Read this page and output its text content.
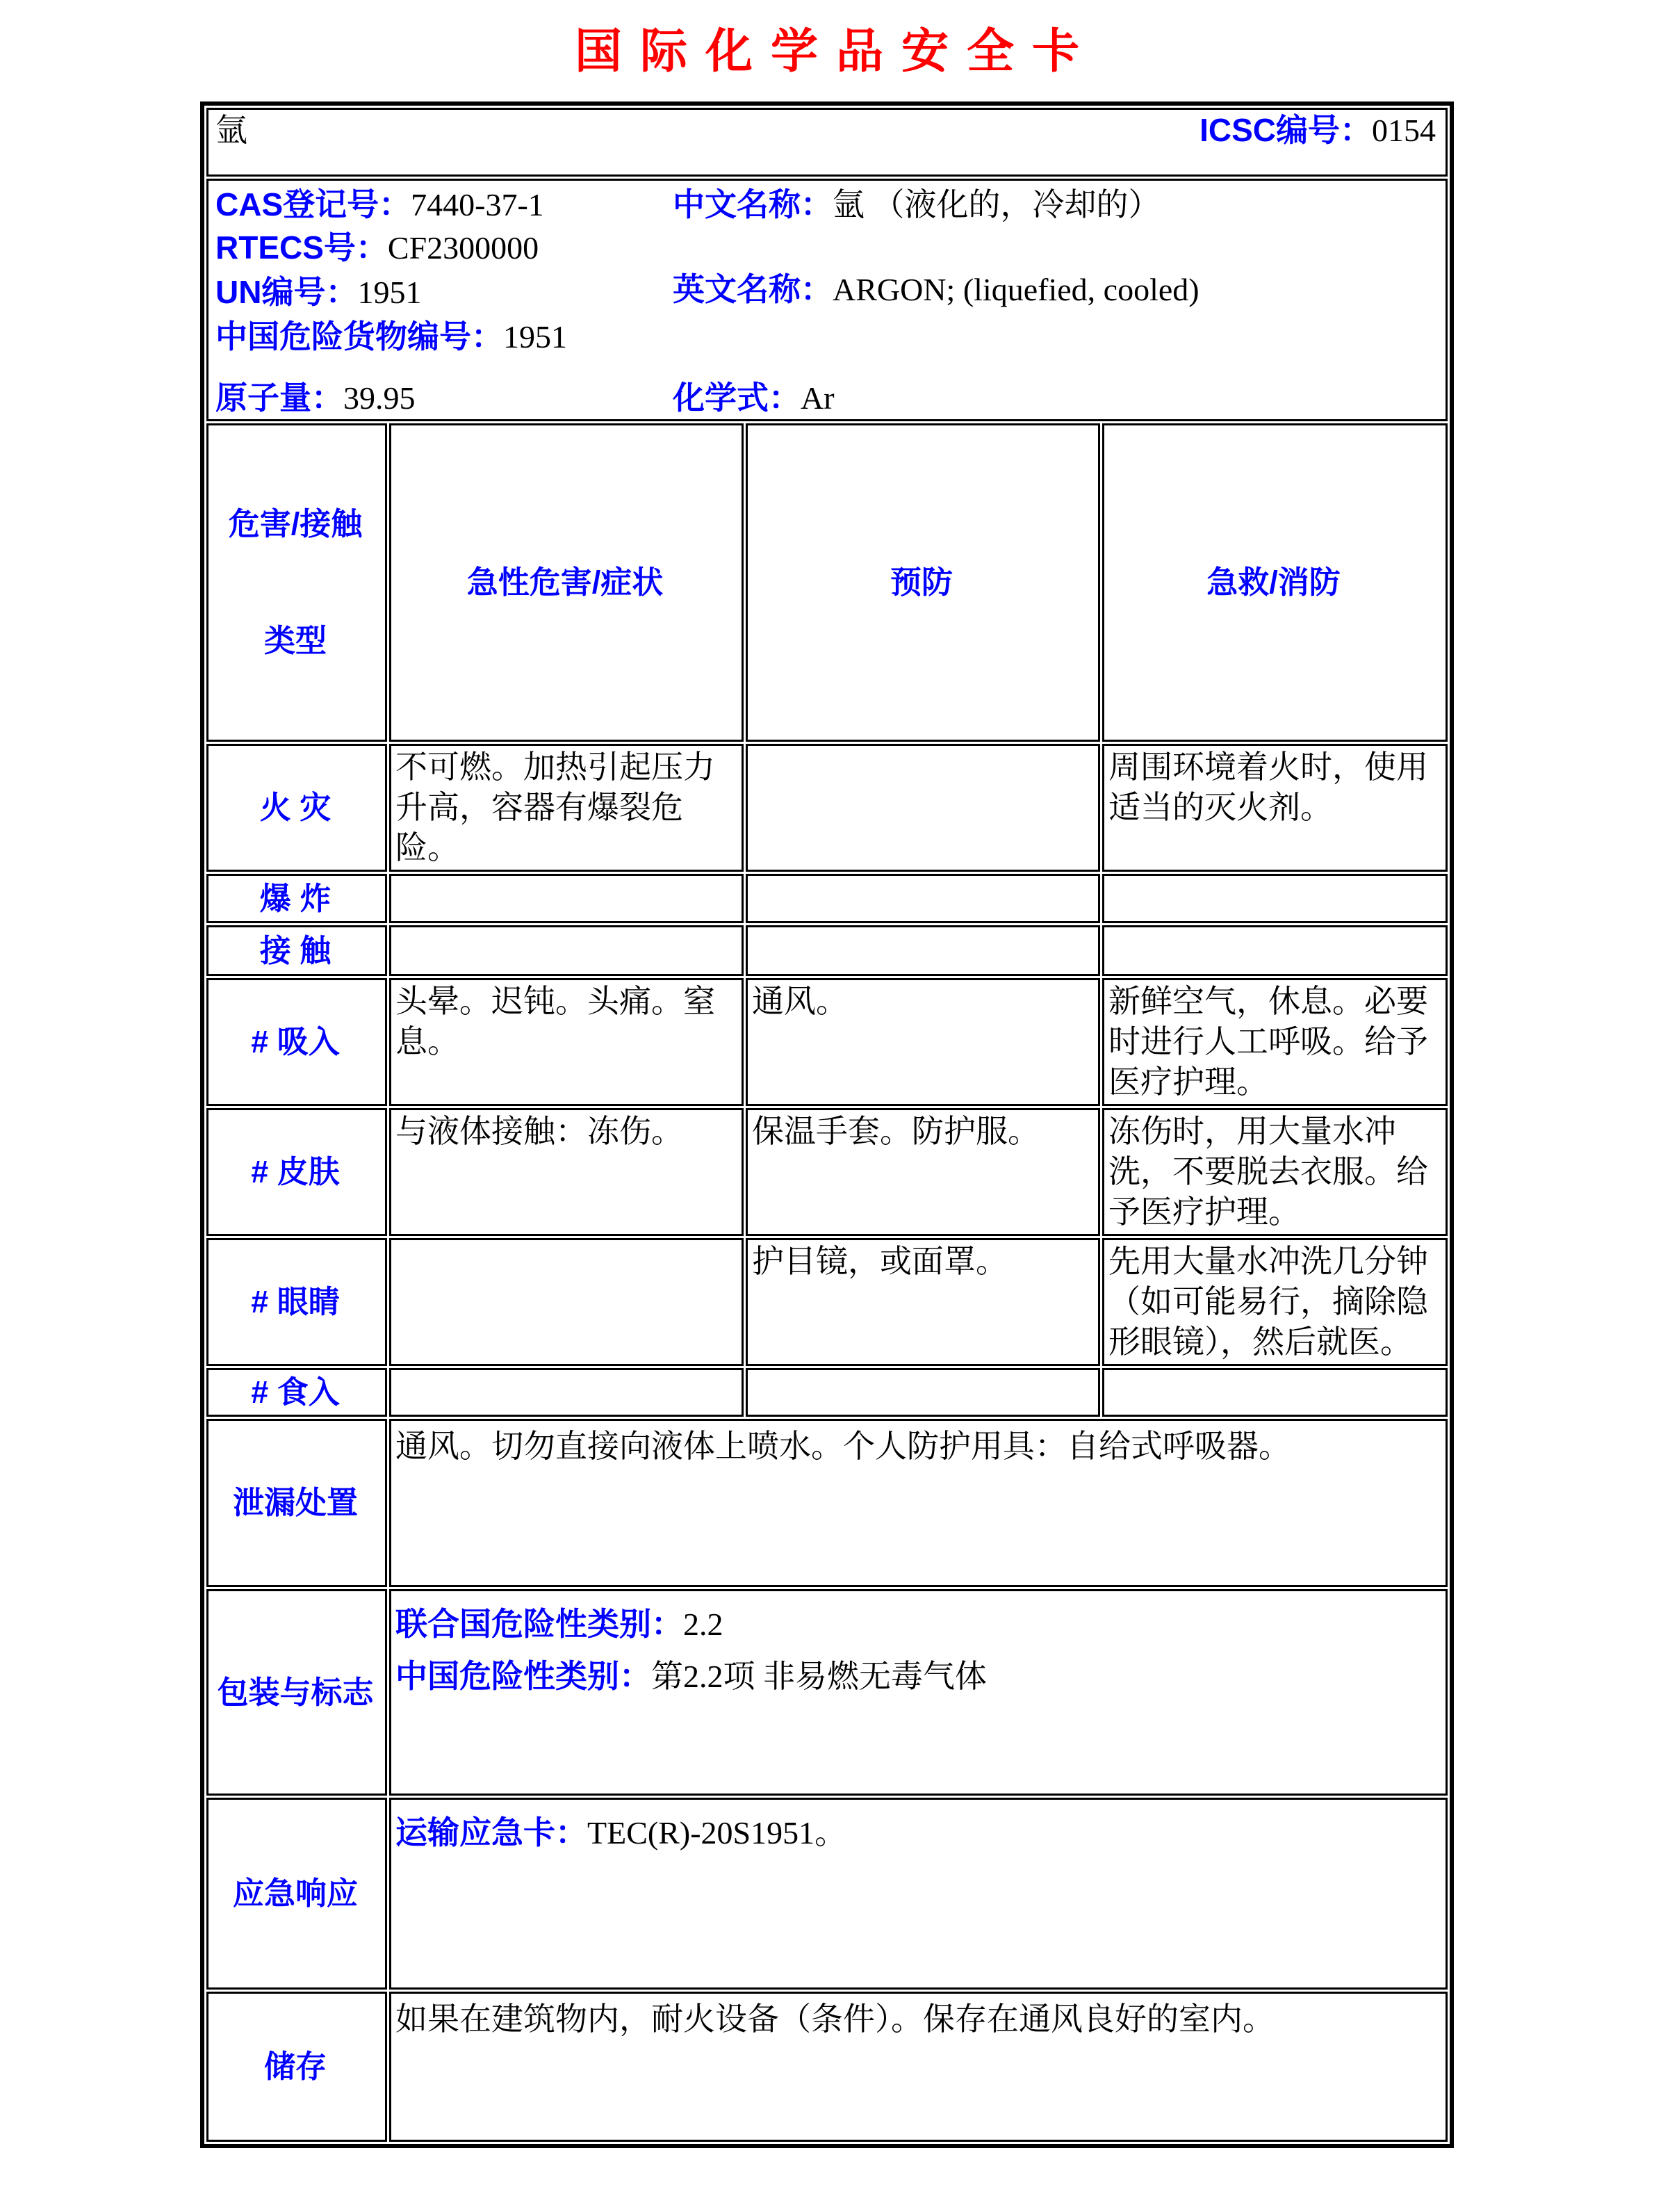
国际化学品安全卡
氩 ICSC编号：0154			

CAS登记号：7440-37-1
RTECS号：CF2300000
UN编号：1951
中国危险货物编号：1951
原子量：39.95
中文名称：氩 （液化的，冷却的）
英文名称：ARGON; (liquefied, cooled)
化学式：Ar

危害/接触

类型	急性危害/症状	预防	急救/消防
火 灾	不可燃。加热引起压力升高，容器有爆裂危险。		周围环境着火时，使用适当的灭火剂。
爆 炸			
接 触			
# 吸入	头晕。迟钝。头痛。窒息。	通风。	新鲜空气，休息。必要时进行人工呼吸。给予医疗护理。
# 皮肤	与液体接触：冻伤。	保温手套。防护服。	冻伤时，用大量水冲洗，不要脱去衣服。给予医疗护理。
# 眼睛		护目镜，或面罩。	先用大量水冲洗几分钟（如可能易行，摘除隐形眼镜），然后就医。
# 食入			
泄漏处置	通风。切勿直接向液体上喷水。个人防护用具：自给式呼吸器。		
包装与标志	联合国危险性类别：2.2
中国危险性类别：第2.2项 非易燃无毒气体		

应急响应	运输应急卡：TEC(R)-20S1951。		

储存	如果在建筑物内，耐火设备（条件）。保存在通风良好的室内。		
